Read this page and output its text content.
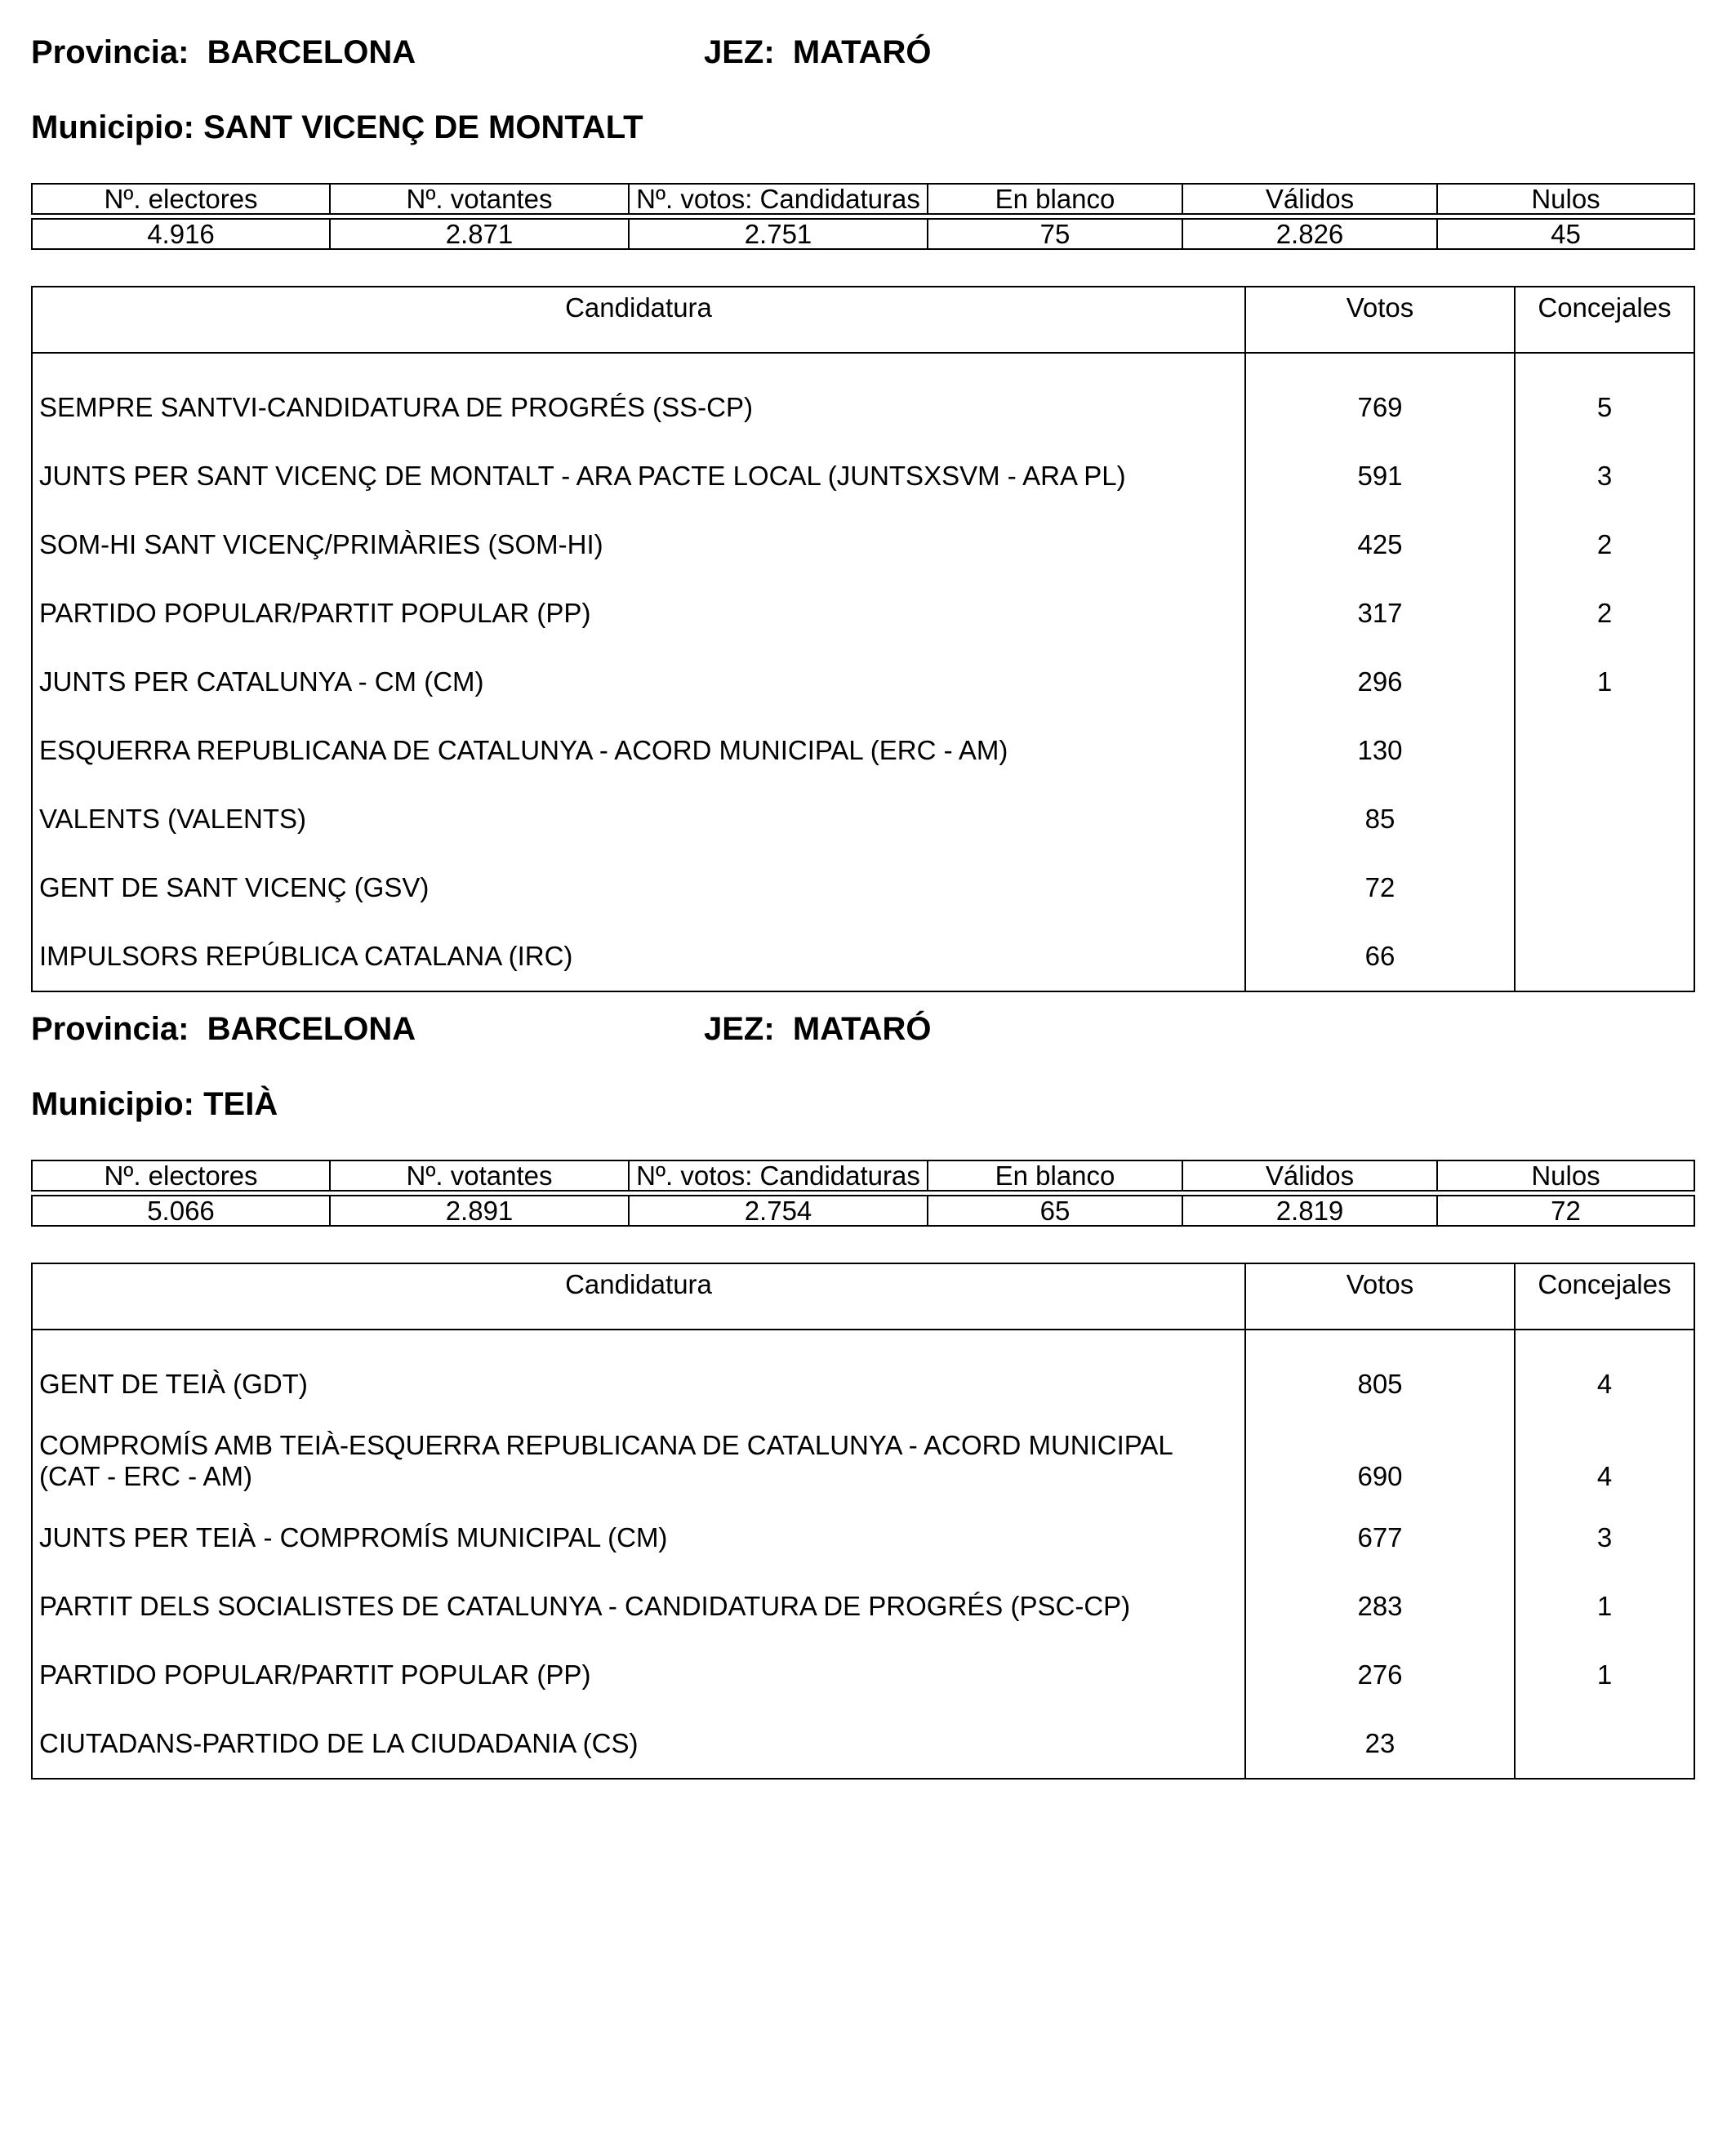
Provincia: BARCELONA	JEZ: MATARÓ
Municipio: SANT VICENÇ DE MONTALT
Nº. electores	Nº. votantes	Nº. votos: Candidaturas	En blanco	Válidos	Nulos

4.916	2.871	2.751	75	2.826	45
Candidatura	Votos	Concejales

SEMPRE SANTVI-CANDIDATURA DE PROGRÉS (SS-CP)	769	5
JUNTS PER SANT VICENÇ DE MONTALT - ARA PACTE LOCAL (JUNTSXSVM - ARA PL)	591	3
SOM-HI SANT VICENÇ/PRIMÀRIES (SOM-HI)	425	2
PARTIDO POPULAR/PARTIT POPULAR (PP)	317	2
JUNTS PER CATALUNYA - CM (CM)	296	1
ESQUERRA REPUBLICANA DE CATALUNYA - ACORD MUNICIPAL (ERC - AM)	130	
VALENTS (VALENTS)	85	
GENT DE SANT VICENÇ (GSV)	72	
IMPULSORS REPÚBLICA CATALANA (IRC)	66	
Provincia: BARCELONA	JEZ: MATARÓ
Municipio: TEIÀ
Nº. electores	Nº. votantes	Nº. votos: Candidaturas	En blanco	Válidos	Nulos

5.066	2.891	2.754	65	2.819	72
Candidatura	Votos	Concejales

GENT DE TEIÀ (GDT)	805	4

COMPROMÍS AMB TEIÀ-ESQUERRA REPUBLICANA DE CATALUNYA - ACORD MUNICIPAL
(CAT - ERC - AM)	690	4
JUNTS PER TEIÀ - COMPROMÍS MUNICIPAL (CM)	677	3
PARTIT DELS SOCIALISTES DE CATALUNYA - CANDIDATURA DE PROGRÉS (PSC-CP)	283	1
PARTIDO POPULAR/PARTIT POPULAR (PP)	276	1
CIUTADANS-PARTIDO DE LA CIUDADANIA (CS)	23	
